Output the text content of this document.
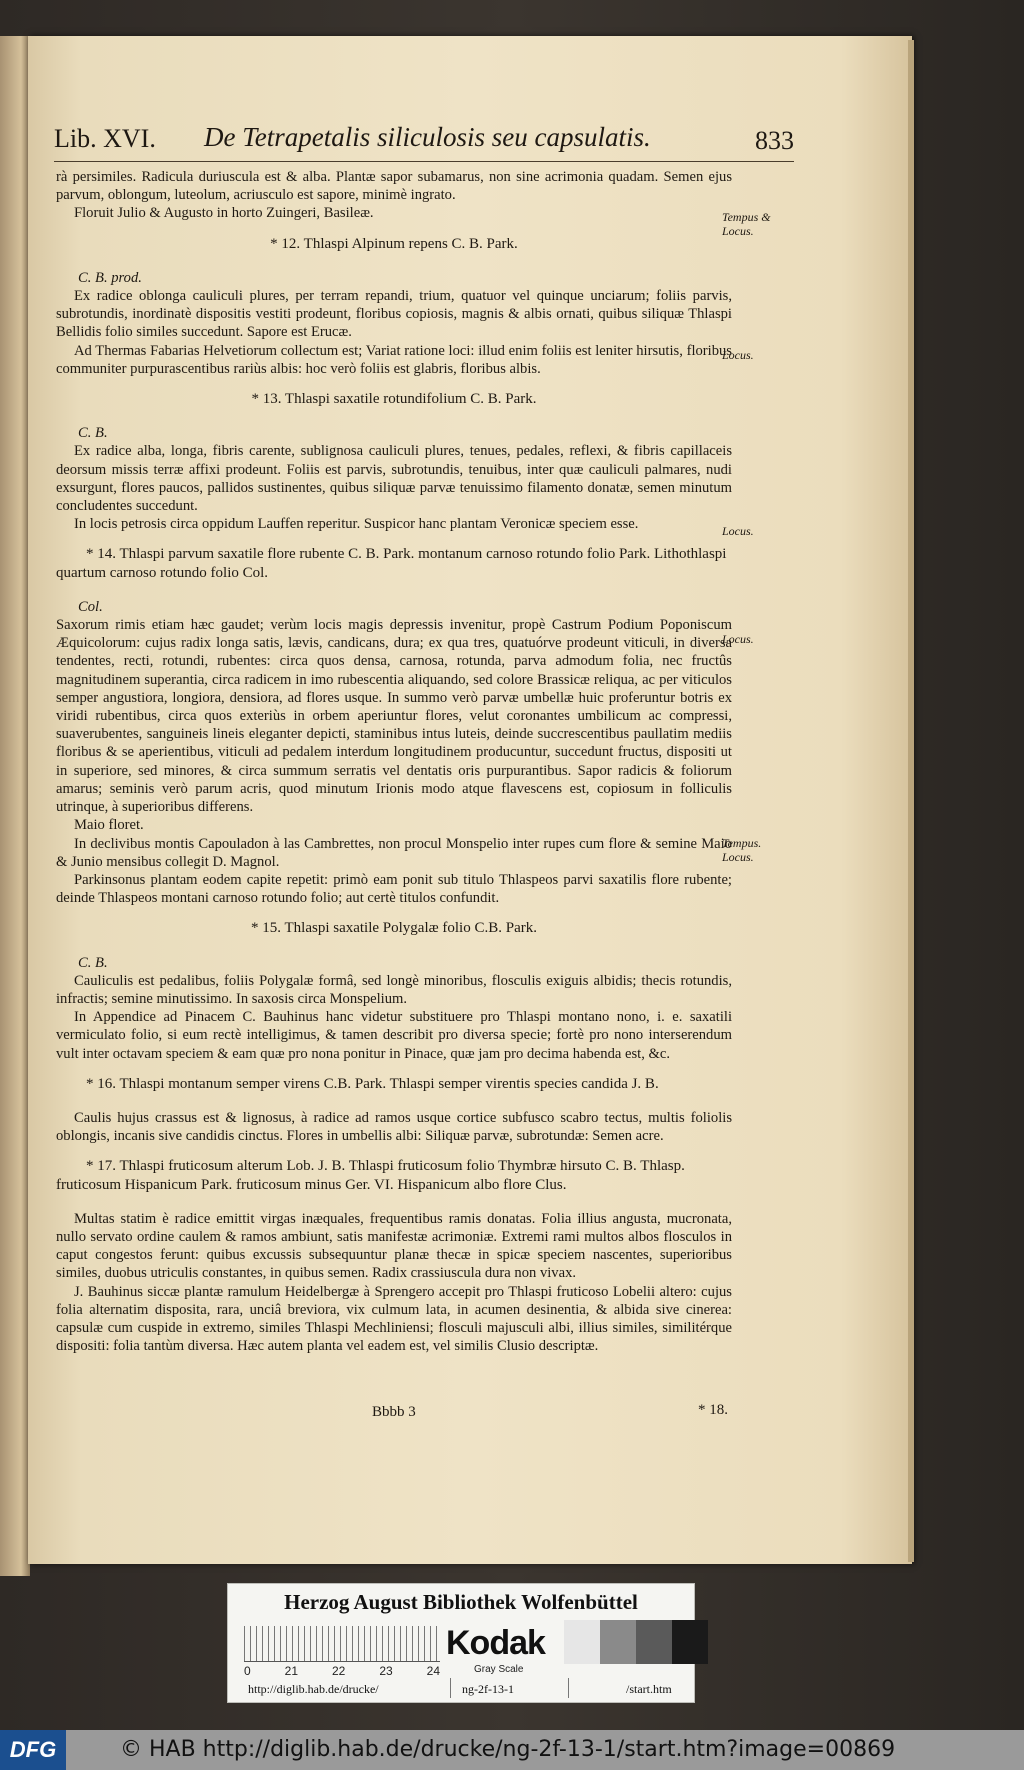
Lib. XVI. De Tetrapetalis siliculosis seu capsulatis.	833

rà persimiles. Radicula duriuscula est & alba. Plantæ sapor subamarus, non sine acrimonia quadam. Semen ejus parvum, oblongum, luteolum, acriusculo est sapore, minimè ingrato.

Floruit Julio & Augusto in horto Zuingeri, Basileæ.

* 12. Thlaspi Alpinum repens C. B. Park.

C. B. prod.

Ex radice oblonga cauliculi plures, per terram repandi, trium, quatuor vel quinque unciarum; foliis parvis, subrotundis, inordinatè dispositis vestiti prodeunt, floribus copiosis, magnis & albis ornati, quibus siliquæ Thlaspi Bellidis folio similes succedunt. Sapore est Erucæ.

Ad Thermas Fabarias Helvetiorum collectum est; Variat ratione loci: illud enim foliis est leniter hirsutis, floribus communiter purpurascentibus rariùs albis: hoc verò foliis est glabris, floribus albis.

* 13. Thlaspi saxatile rotundifolium C. B. Park.

C. B.

Ex radice alba, longa, fibris carente, sublignosa cauliculi plures, tenues, pedales, reflexi, & fibris capillaceis deorsum missis terræ affixi prodeunt. Foliis est parvis, subrotundis, tenuibus, inter quæ cauliculi palmares, nudi exsurgunt, flores paucos, pallidos sustinentes, quibus siliquæ parvæ tenuissimo filamento donatæ, semen minutum concludentes succedunt.

In locis petrosis circa oppidum Lauffen reperitur. Suspicor hanc plantam Veronicæ speciem esse.

* 14. Thlaspi parvum saxatile flore rubente C. B. Park. montanum carnoso rotundo folio Park. Lithothlaspi quartum carnoso rotundo folio Col.

Col.

Saxorum rimis etiam hæc gaudet; verùm locis magis depressis invenitur, propè Castrum Podium Poponiscum Æquicolorum: cujus radix longa satis, lævis, candicans, dura; ex qua tres, quatuórve prodeunt viticuli, in diversa tendentes, recti, rotundi, rubentes: circa quos densa, carnosa, rotunda, parva admodum folia, nec fructûs magnitudinem superantia, circa radicem in imo rubescentia aliquando, sed colore Brassicæ reliqua, ac per viticulos semper angustiora, longiora, densiora, ad flores usque. In summo verò parvæ umbellæ huic proferuntur botris ex viridi rubentibus, circa quos exteriùs in orbem aperiuntur flores, velut coronantes umbilicum ac compressi, suaverubentes, sanguineis lineis eleganter depicti, staminibus intus luteis, deinde succrescentibus paullatim mediis floribus & se aperientibus, viticuli ad pedalem interdum longitudinem producuntur, succedunt fructus, dispositi ut in superiore, sed minores, & circa summum serratis vel dentatis oris purpurantibus. Sapor radicis & foliorum amarus; seminis verò parum acris, quod minutum Irionis modo atque flavescens est, copiosum in folliculis utrinque, à superioribus differens.

Maio floret.

In declivibus montis Capouladon à las Cambrettes, non procul Monspelio inter rupes cum flore & semine Maio & Junio mensibus collegit D. Magnol.

Parkinsonus plantam eodem capite repetit: primò eam ponit sub titulo Thlaspeos parvi saxatilis flore rubente; deinde Thlaspeos montani carnoso rotundo folio; aut certè titulos confundit.

* 15. Thlaspi saxatile Polygalæ folio C.B. Park.

C. B.

Cauliculis est pedalibus, foliis Polygalæ formâ, sed longè minoribus, flosculis exiguis albidis; thecis rotundis, infractis; semine minutissimo. In saxosis circa Monspelium.

In Appendice ad Pinacem C. Bauhinus hanc videtur substituere pro Thlaspi montano nono, i. e. saxatili vermiculato folio, si eum rectè intelligimus, & tamen describit pro diversa specie; fortè pro nono interserendum vult inter octavam speciem & eam quæ pro nona ponitur in Pinace, quæ jam pro decima habenda est, &c.

* 16. Thlaspi montanum semper virens C.B. Park. Thlaspi semper virentis species candida J. B.

Caulis hujus crassus est & lignosus, à radice ad ramos usque cortice subfusco scabro tectus, multis foliolis oblongis, incanis sive candidis cinctus. Flores in umbellis albi: Siliquæ parvæ, subrotundæ: Semen acre.

* 17. Thlaspi fruticosum alterum Lob. J. B. Thlaspi fruticosum folio Thymbræ hirsuto C. B. Thlasp. fruticosum Hispanicum Park. fruticosum minus Ger. VI. Hispanicum albo flore Clus.

Multas statim è radice emittit virgas inæquales, frequentibus ramis donatas. Folia illius angusta, mucronata, nullo servato ordine caulem & ramos ambiunt, satis manifestæ acrimoniæ. Extremi rami multos albos flosculos in caput congestos ferunt: quibus excussis subsequuntur planæ thecæ in spicæ speciem nascentes, superioribus similes, duobus utriculis constantes, in quibus semen. Radix crassiuscula dura non vivax.

J. Bauhinus siccæ plantæ ramulum Heidelbergæ à Sprengero accepit pro Thlaspi fruticoso Lobelii altero: cujus folia alternatim disposita, rara, unciâ breviora, vix culmum lata, in acumen desinentia, & albida sive cinerea: capsulæ cum cuspide in extremo, similes Thlaspi Mechliniensi; flosculi majusculi albi, illius similes, similitérque dispositi: folia tantùm diversa. Hæc autem planta vel eadem est, vel similis Clusio descriptæ.

Tempus & Locus.
Locus.
Locus.
Locus.
Tempus. Locus.
Bbbb 3	* 18.
Herzog August Bibliothek Wolfenbüttel
0	21	22	23	24
Kodak
Gray Scale
http://diglib.hab.de/drucke/	ng-2f-13-1	/start.htm
DFG	© HAB http://diglib.hab.de/drucke/ng-2f-13-1/start.htm?image=00869
